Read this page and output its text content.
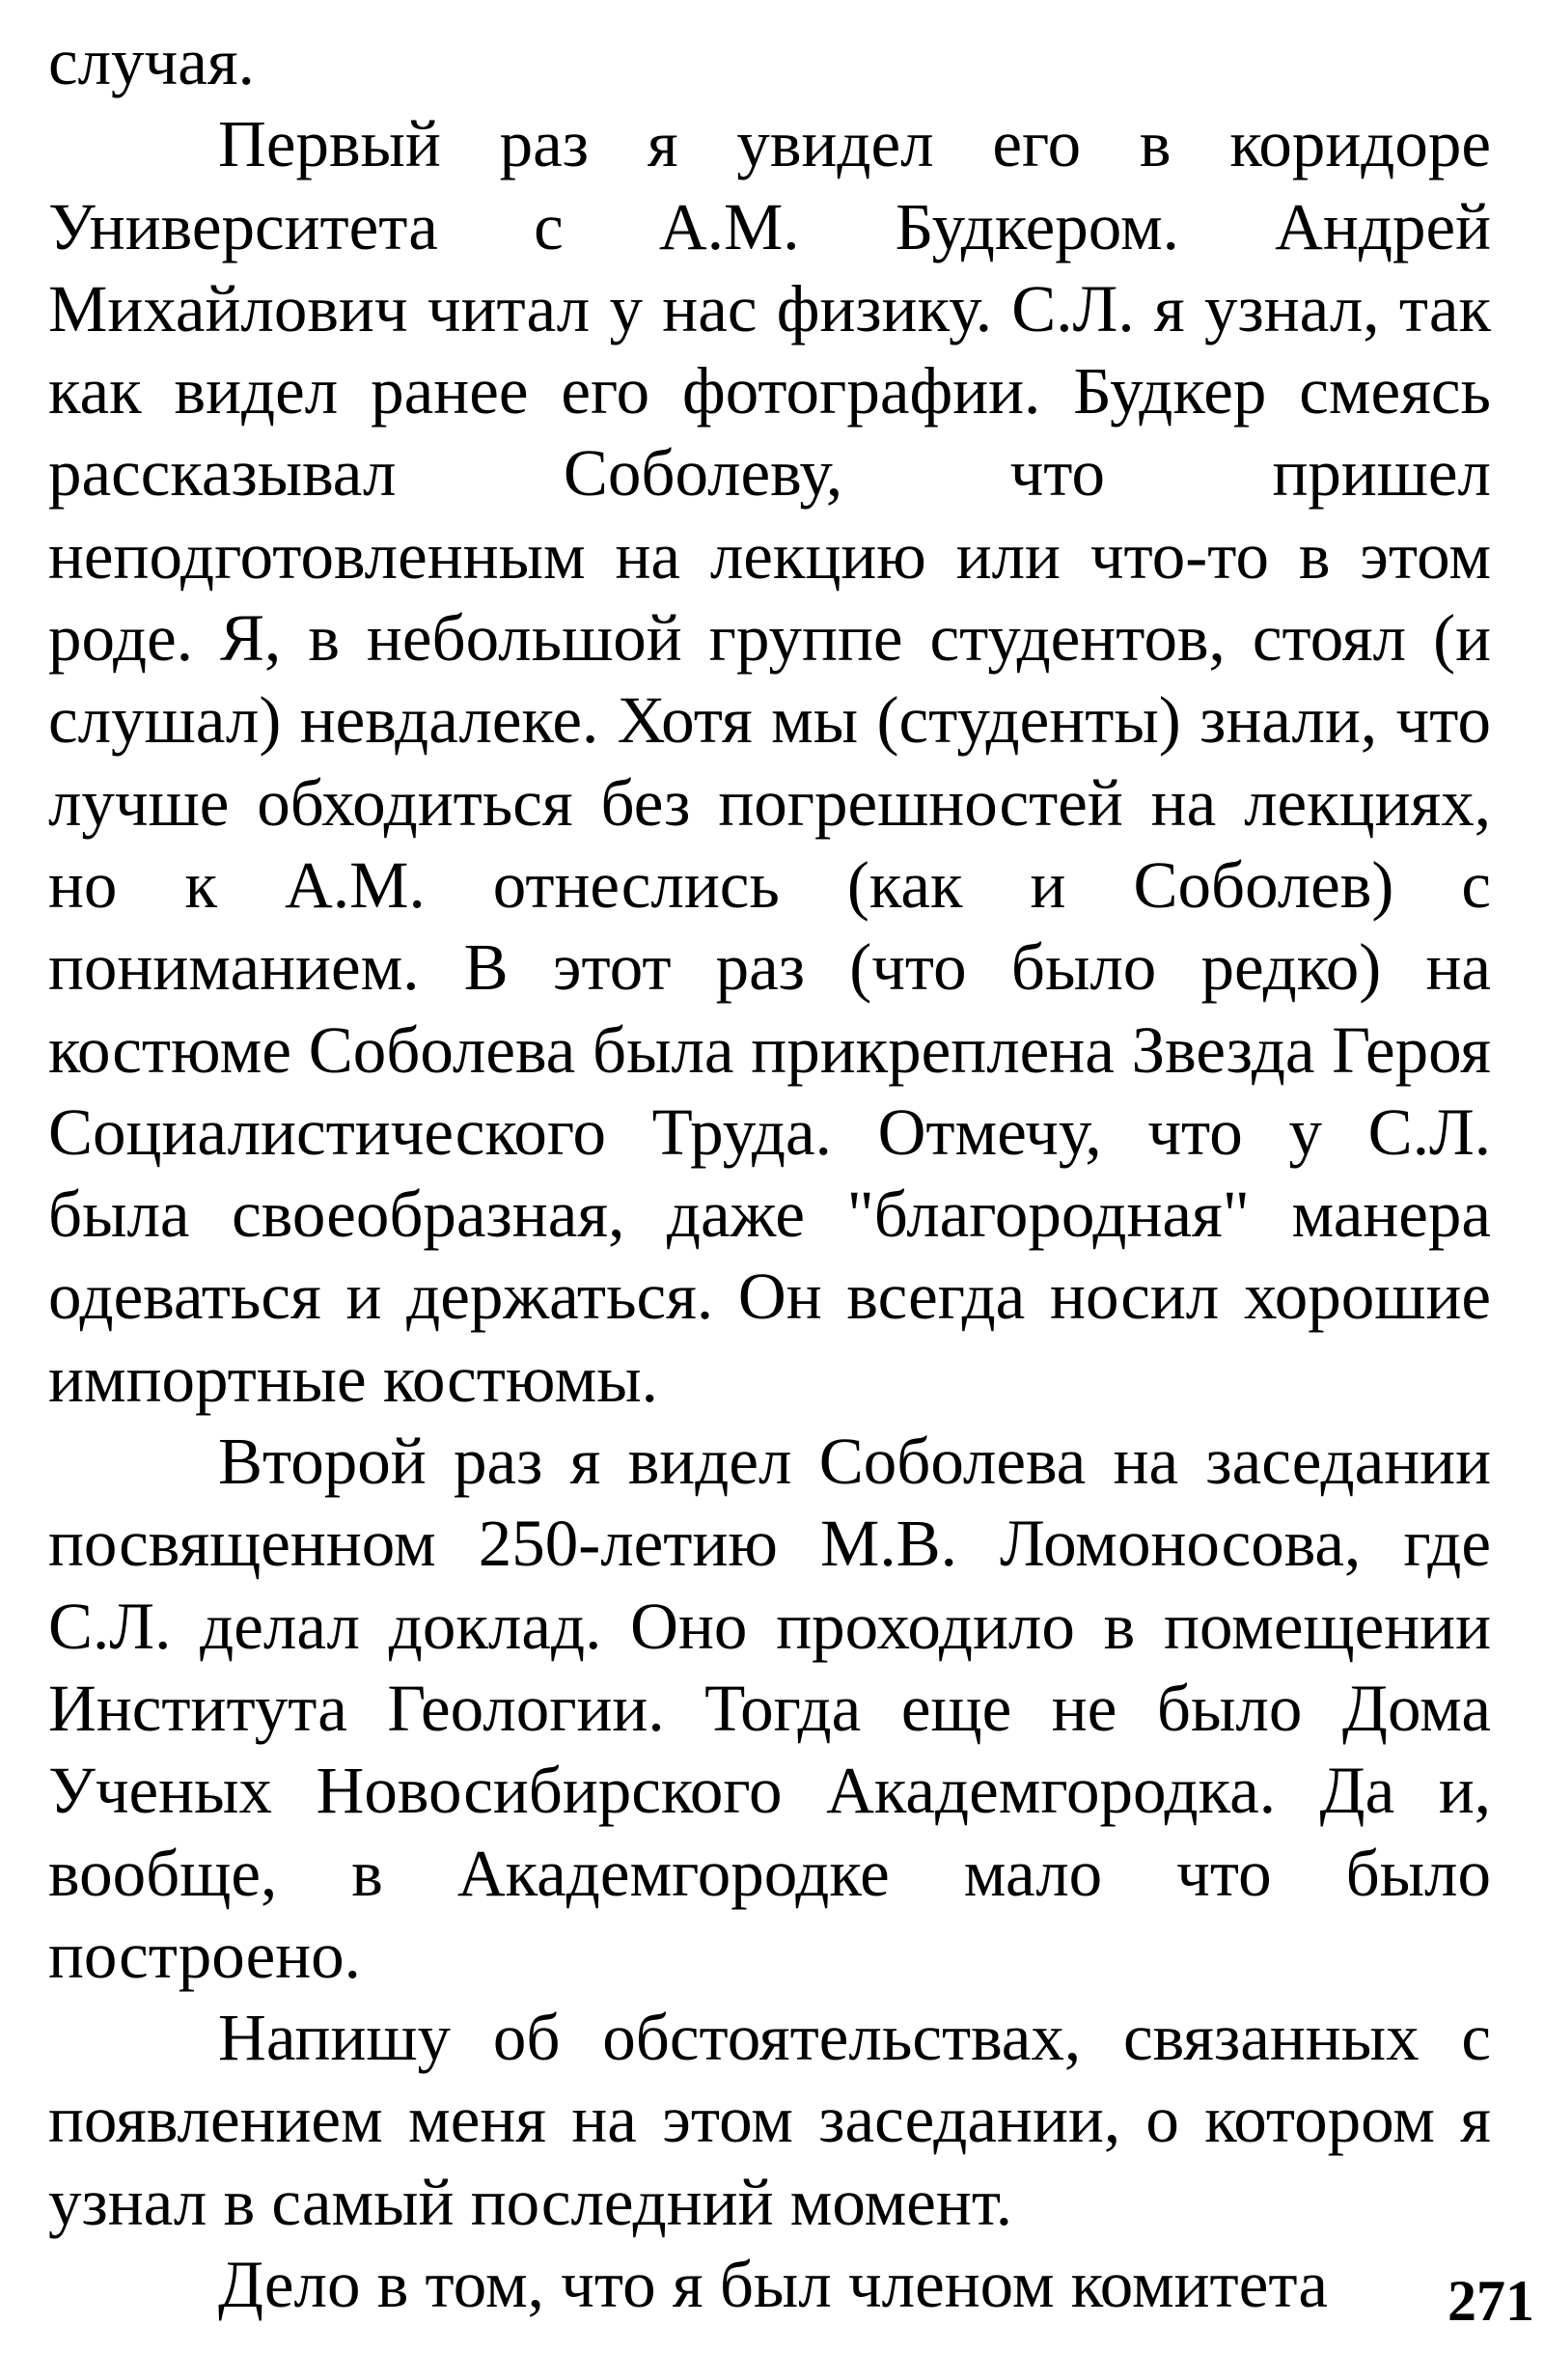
случая.

Первый раз я увидел его в коридоре Университета с А.М. Будкером. Андрей Михайлович читал у нас физику. С.Л. я узнал, так как видел ранее его фотографии. Будкер смеясь рассказывал Соболеву, что пришел неподготовленным на лекцию или что-то в этом роде. Я, в небольшой группе студентов, стоял (и слушал) невдалеке. Хотя мы (студенты) знали, что лучше обходиться без погрешностей на лекциях, но к А.М. отнеслись (как и Соболев) с пониманием. В этот раз (что было редко) на костюме Соболева была прикреплена Звезда Героя Социалистического Труда. Отмечу, что у С.Л. была своеобразная, даже "благородная" манера одеваться и держаться. Он всегда носил хорошие импортные костюмы.

Второй раз я видел Соболева на заседании посвященном 250-летию М.В. Ломоносова, где С.Л. делал доклад. Оно проходило в помещении Института Геологии. Тогда еще не было Дома Ученых Новосибирского Академгородка. Да и, вообще, в Академгородке мало что было построено.

Напишу об обстоятельствах, связанных с появлением меня на этом заседании, о котором я узнал в самый последний момент.

Дело в том, что я был членом комитета	271
